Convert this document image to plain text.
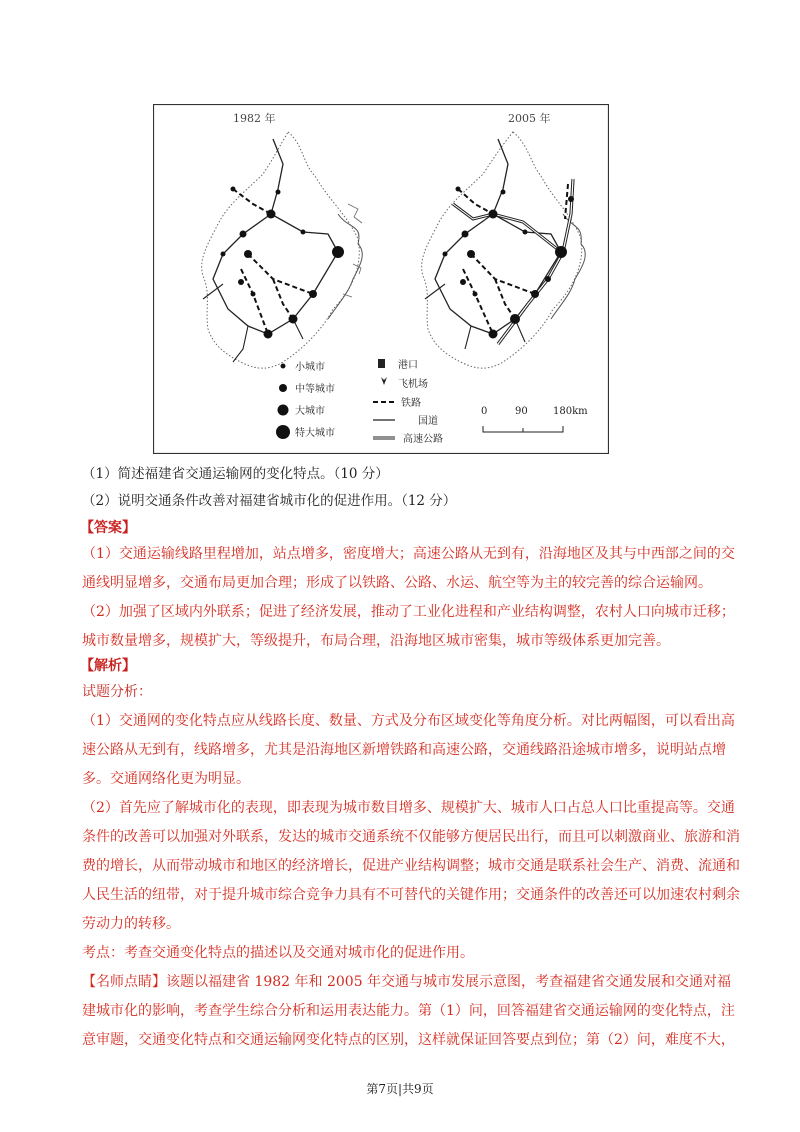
1982 年	2005 年
小城市
中等城市
大城市
特大城市
港口
飞机场
铁路
国道
高速公路
0	90	180km
（1）简述福建省交通运输网的变化特点。（10 分）
（2）说明交通条件改善对福建省城市化的促进作用。（12 分）
【答案】

（1）交通运输线路里程增加，站点增多，密度增大；高速公路从无到有，沿海地区及其与中西部之间的交通线明显增多，交通布局更加合理；形成了以铁路、公路、水运、航空等为主的较完善的综合运输网。

（2）加强了区域内外联系；促进了经济发展，推动了工业化进程和产业结构调整，农村人口向城市迁移；城市数量增多，规模扩大，等级提升，布局合理，沿海地区城市密集，城市等级体系更加完善。

【解析】

试题分析：

（1）交通网的变化特点应从线路长度、数量、方式及分布区域变化等角度分析。对比两幅图，可以看出高速公路从无到有，线路增多，尤其是沿海地区新增铁路和高速公路，交通线路沿途城市增多，说明站点增多。交通网络化更为明显。

（2）首先应了解城市化的表现，即表现为城市数目增多、规模扩大、城市人口占总人口比重提高等。交通条件的改善可以加强对外联系，发达的城市交通系统不仅能够方便居民出行，而且可以刺激商业、旅游和消费的增长，从而带动城市和地区的经济增长，促进产业结构调整；城市交通是联系社会生产、消费、流通和人民生活的纽带，对于提升城市综合竞争力具有不可替代的关键作用；交通条件的改善还可以加速农村剩余劳动力的转移。

考点：考查交通变化特点的描述以及交通对城市化的促进作用。

【名师点睛】该题以福建省 1982 年和 2005 年交通与城市发展示意图，考查福建省交通发展和交通对福建城市化的影响，考查学生综合分析和运用表达能力。第（1）问，回答福建省交通运输网的变化特点，注意审题，交通变化特点和交通运输网变化特点的区别，这样就保证回答要点到位；第（2）问，难度不大，

第7页|共9页
